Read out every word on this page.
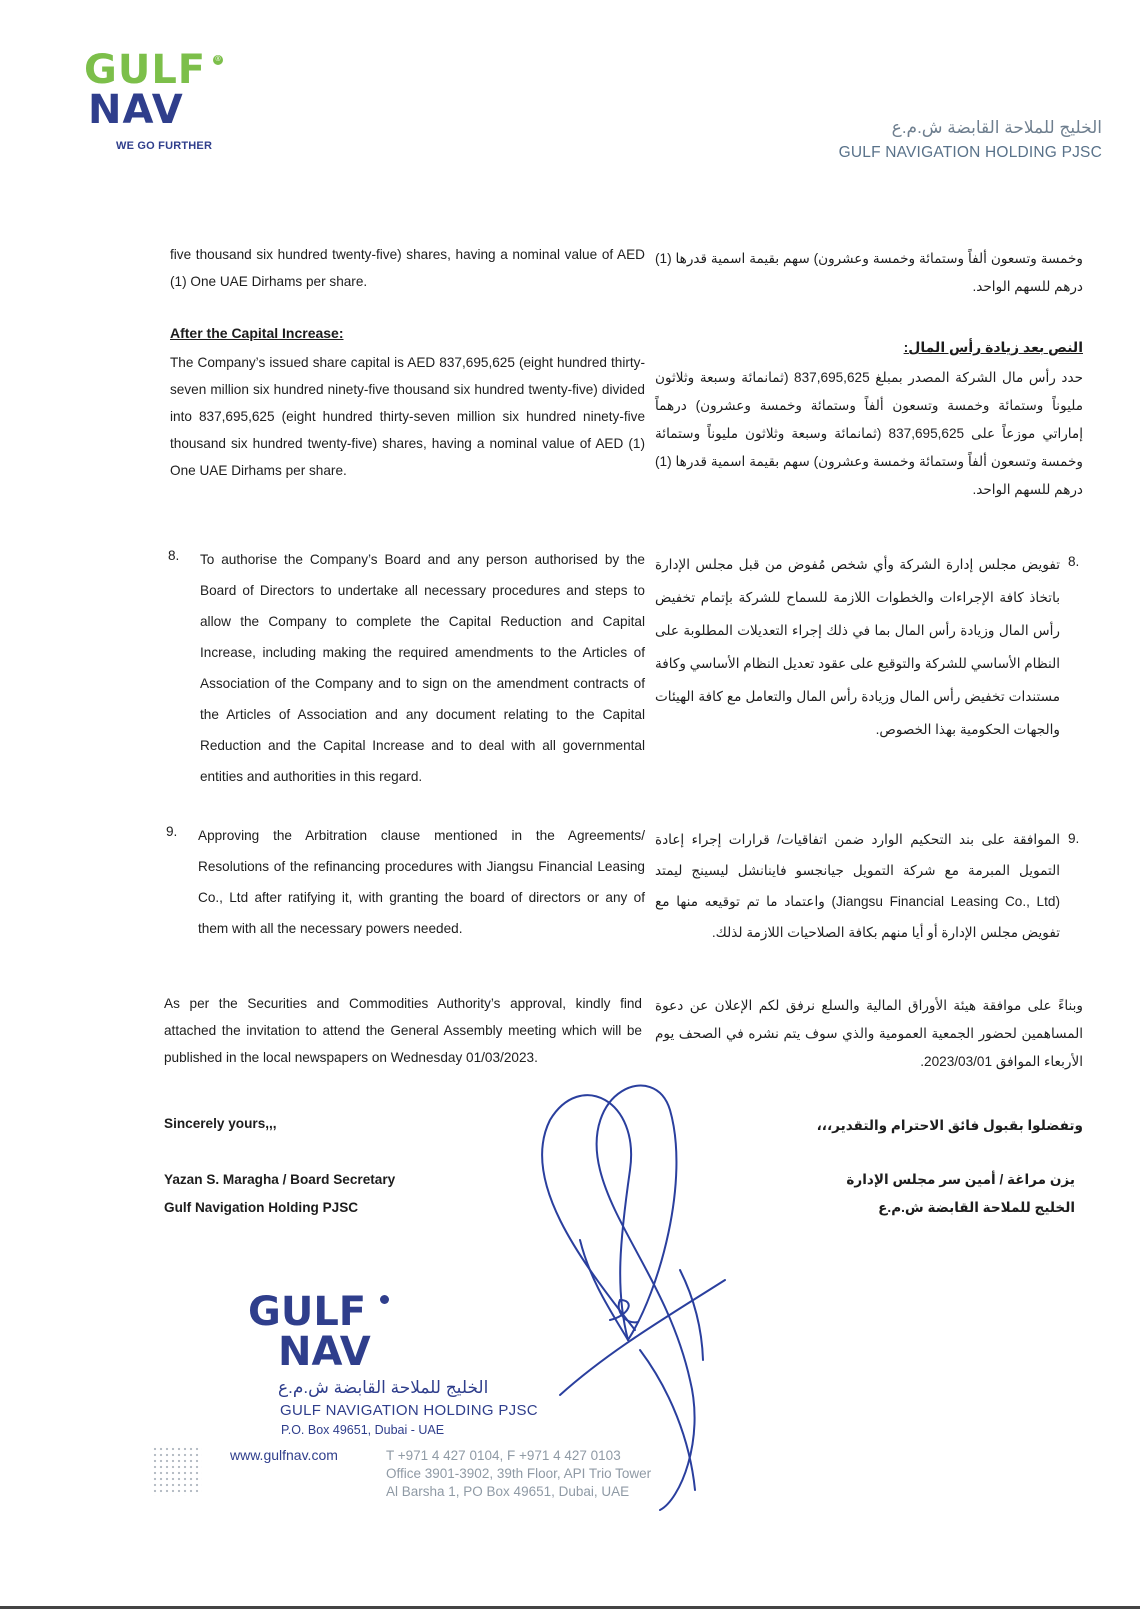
GULF	®
NAV
WE GO FURTHER
الخليج للملاحة القابضة ش.م.ع
GULF NAVIGATION HOLDING PJSC
five thousand six hundred twenty-five) shares, having a nominal value of AED (1) One UAE Dirhams per share.
وخمسة وتسعون ألفاً وستمائة وخمسة وعشرون) سهم بقيمة اسمية قدرها (1) درهم للسهم الواحد.
After the Capital Increase:
The Company’s issued share capital is AED 837,695,625 (eight hundred thirty-seven million six hundred ninety-five thousand six hundred twenty-five) divided into 837,695,625 (eight hundred thirty-seven million six hundred ninety-five thousand six hundred twenty-five) shares, having a nominal value of AED (1) One UAE Dirhams per share.
النص بعد زيادة رأس المال:
حدد رأس مال الشركة المصدر بمبلغ 837,695,625 (ثمانمائة وسبعة وثلاثون مليوناً وستمائة وخمسة وتسعون ألفاً وستمائة وخمسة وعشرون) درهماً إماراتي موزعاً على 837,695,625 (ثمانمائة وسبعة وثلاثون مليوناً وستمائة وخمسة وتسعون ألفاً وستمائة وخمسة وعشرون) سهم بقيمة اسمية قدرها (1) درهم للسهم الواحد.
8. To authorise the Company’s Board and any person authorised by the Board of Directors to undertake all necessary procedures and steps to allow the Company to complete the Capital Reduction and Capital Increase, including making the required amendments to the Articles of Association of the Company and to sign on the amendment contracts of the Articles of Association and any document relating to the Capital Reduction and the Capital Increase and to deal with all governmental entities and authorities in this regard.
8.
تفويض مجلس إدارة الشركة وأي شخص مُفوض من قبل مجلس الإدارة باتخاذ كافة الإجراءات والخطوات اللازمة للسماح للشركة بإتمام تخفيض رأس المال وزيادة رأس المال بما في ذلك إجراء التعديلات المطلوبة على النظام الأساسي للشركة والتوقيع على عقود تعديل النظام الأساسي وكافة مستندات تخفيض رأس المال وزيادة رأس المال والتعامل مع كافة الهيئات والجهات الحكومية بهذا الخصوص.
9. Approving the Arbitration clause mentioned in the Agreements/ Resolutions of the refinancing procedures with Jiangsu Financial Leasing Co., Ltd after ratifying it, with granting the board of directors or any of them with all the necessary powers needed.
9.
الموافقة على بند التحكيم الوارد ضمن اتفاقيات/ قرارات إجراء إعادة التمويل المبرمة مع شركة التمويل جيانجسو فاينانشل ليسينج ليمتد (Jiangsu Financial Leasing Co., Ltd) واعتماد ما تم توقيعه منها مع تفويض مجلس الإدارة أو أيا منهم بكافة الصلاحيات اللازمة لذلك.
As per the Securities and Commodities Authority’s approval, kindly find attached the invitation to attend the General Assembly meeting which will be published in the local newspapers on Wednesday 01/03/2023.
وبناءً على موافقة هيئة الأوراق المالية والسلع نرفق لكم الإعلان عن دعوة المساهمين لحضور الجمعية العمومية والذي سوف يتم نشره في الصحف يوم الأربعاء الموافق 2023/03/01.
Sincerely yours,,,	وتفضلوا بقبول فائق الاحترام والتقدير،،،
Yazan S. Maragha / Board Secretary
Gulf Navigation Holding PJSC
يزن مراغة / أمين سر مجلس الإدارة
الخليج للملاحة القابضة ش.م.ع
GULF
NAV
الخليج للملاحة القابضة ش.م.ع
GULF NAVIGATION HOLDING PJSC
P.O. Box 49651, Dubai - UAE
www.gulfnav.com	T +971 4 427 0104, F +971 4 427 0103
Office 3901-3902, 39th Floor, API Trio Tower
Al Barsha 1, PO Box 49651, Dubai, UAE
